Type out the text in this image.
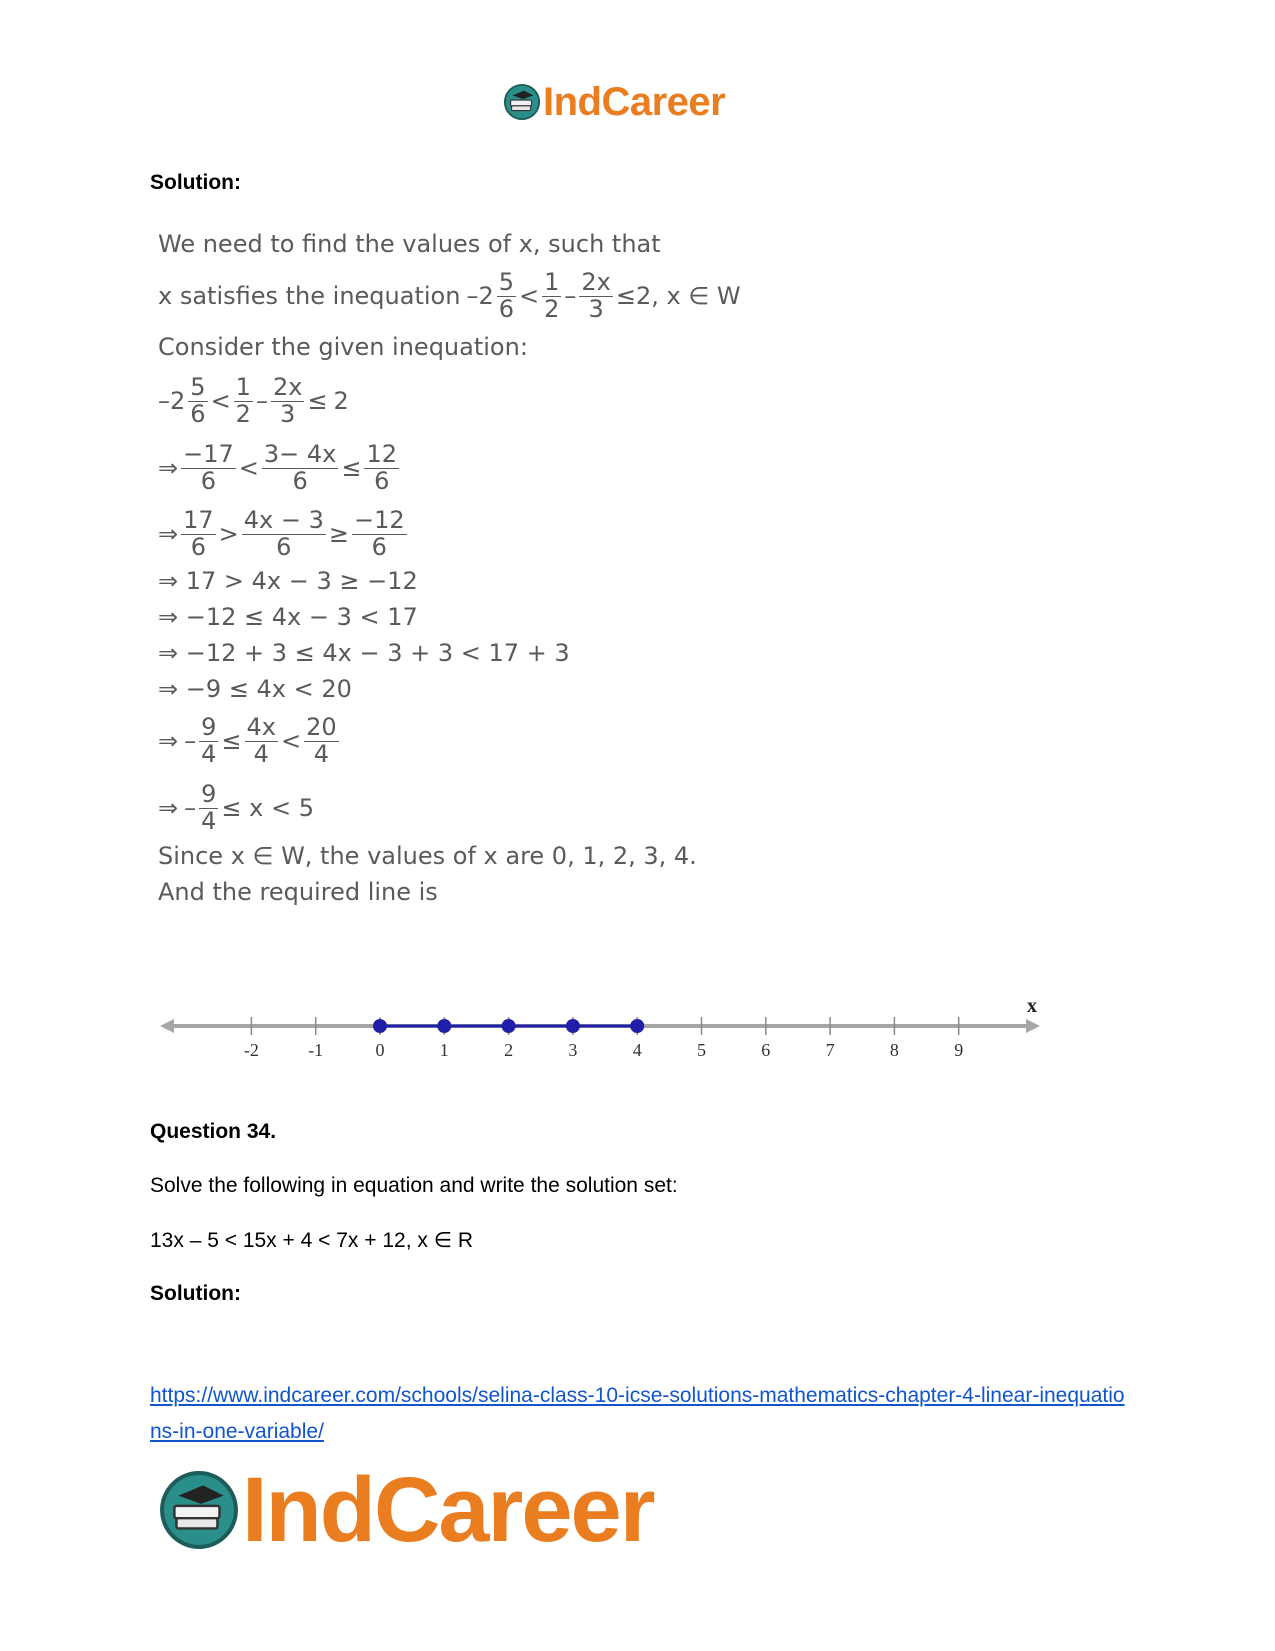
IndCareer
Solution:
We need to find the values of x, such that
x satisfies the inequation $-2 \frac{5}{6} < \frac{1}{2} - \frac{2x}{3} \le 2$ , x ∈ W
Consider the given inequation:
$-2 \frac{5}{6} < \frac{1}{2} - \frac{2x}{3} \le 2$
⇒ $\frac{-17}{6} < \frac{3- 4x}{6} \le \frac{12}{6}$
⇒ $\frac{17}{6} > \frac{4x - 3}{6} \ge \frac{-12}{6}$
⇒ 17 > 4x − 3 ≥ −12
⇒ −12 ≤ 4x − 3 < 17
⇒ −12 + 3 ≤ 4x − 3 + 3 < 17 + 3
⇒ −9 ≤ 4x < 20
⇒ – $\frac{9}{4} \le \frac{4x}{4} < \frac{20}{4}$
⇒ – $\frac{9}{4} \le x < 5$
Since x ∈ W, the values of x are 0, 1, 2, 3, 4.
And the required line is
-2	-1	0	1	2	3	4	5	6	7	8	9
x
Question 34.
Solve the following in equation and write the solution set:
13x – 5 < 15x + 4 < 7x + 12, x ∈ R
Solution:
https://www.indcareer.com/schools/selina-class-10-icse-solutions-mathematics-chapter-4-linear-inequations-in-one-variable/
IndCareer
